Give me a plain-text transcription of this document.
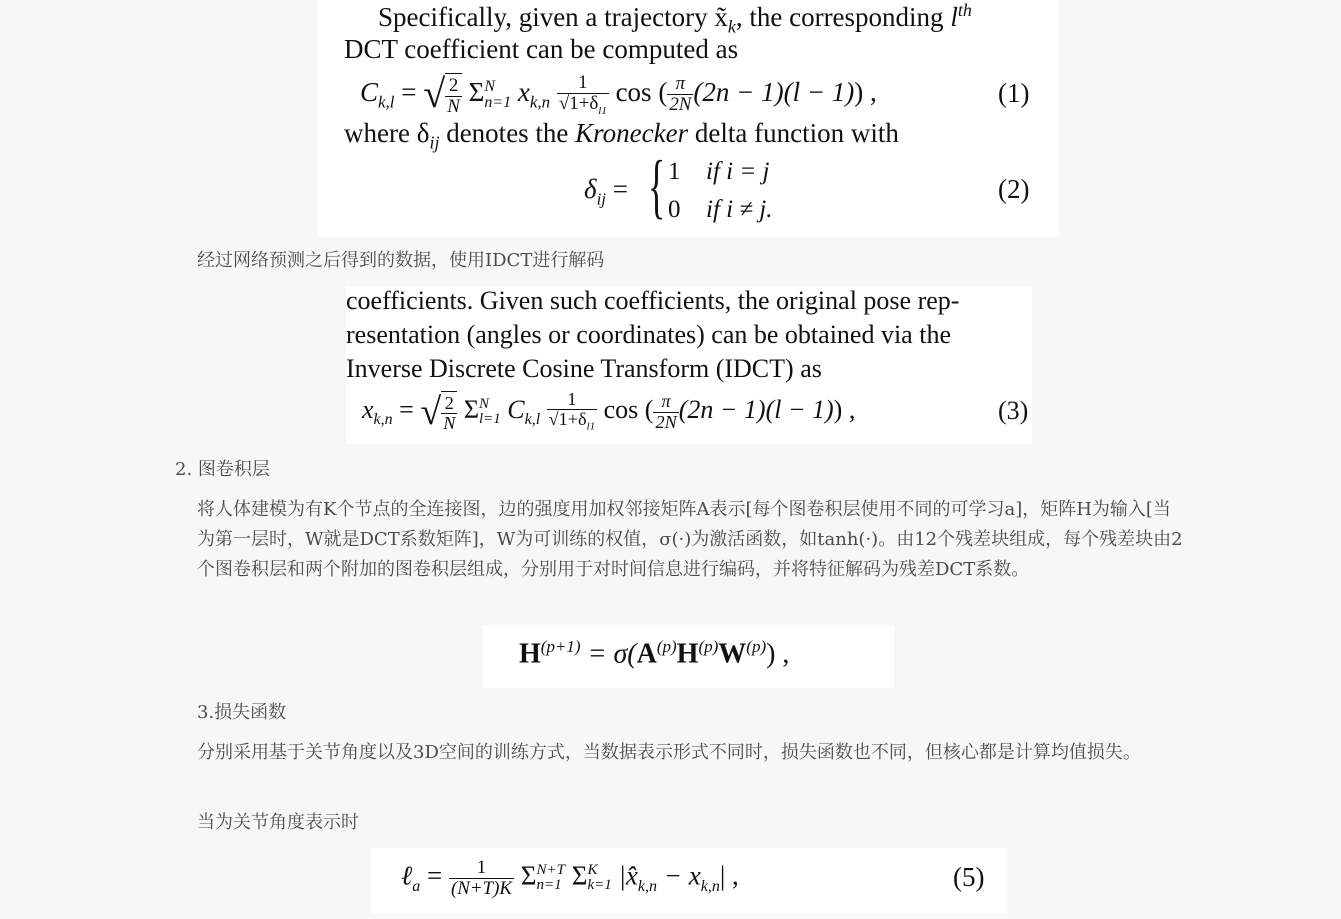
Specifically, given a trajectory $x̃_k$, the corresponding $l^{th}$
DCT coefficient can be computed as
$C_{k,l}$ = √ $\frac{2}{N}$ Σ N
n=1 $x_{k,n} \frac{1}{√1+\delta_{l1}}$ cos ( $\frac{\pi}{2N} (2n - 1)(l - 1)$) ,	(1)
where $\delta_{ij}$ denotes the Kronecker delta function with
$\delta_{ij}$ = { 1 if i = j
0 if i ≠ j.
(2)
经过网络预测之后得到的数据，使用IDCT进行解码
coefficients. Given such coefficients, the original pose rep-
resentation (angles or coordinates) can be obtained via the
Inverse Discrete Cosine Transform (IDCT) as
$x_{k,n}$ = √ $\frac{2}{N}$ Σ N
l=1 $C_{k,l} \frac{1}{√1+\delta_{l1}}$ cos ( $\frac{\pi}{2N} (2n - 1)(l - 1)$) ,	(3)
2. 图卷积层
将人体建模为有K个节点的全连接图，边的强度用加权邻接矩阵A表示[每个图卷积层使用不同的可学习a]，矩阵H为输入[当为第一层时，W就是DCT系数矩阵]，W为可训练的权值，σ(·)为激活函数，如tanh(·)。由12个残差块组成，每个残差块由2个图卷积层和两个附加的图卷积层组成，分别用于对时间信息进行编码，并将特征解码为残差DCT系数。
$H^{(p+1)} = \sigma(A^{(p)}H^{(p)}W^{(p)})$ ,
3.损失函数
分别采用基于关节角度以及3D空间的训练方式，当数据表示形式不同时，损失函数也不同，但核心都是计算均值损失。
当为关节角度表示时
ℓ$_a$ = $\frac{1}{(N+T)K}$ Σ N+T
n=1 Σ K
k=1 $|x̂_{k,n} - x_{k,n}|$ ,	(5)
